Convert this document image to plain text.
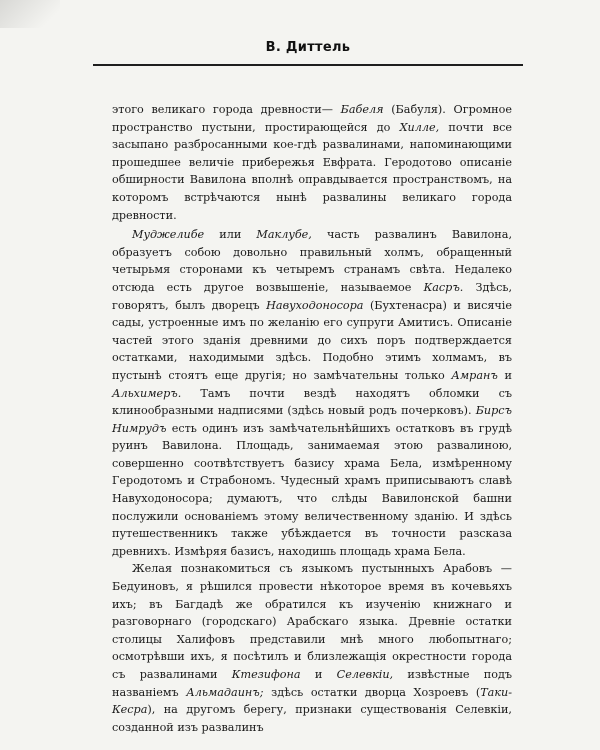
В. Диттель

этого великаго города древности— Бабеля (Бабуля). Огромное пространство пустыни, простирающейся до Хилле, почти все засыпано разбросанными кое-гдѣ развалинами, напоминающими прошедшее величіе прибережья Евфрата. Геродотово описаніе обширности Вавилона вполнѣ оправдывается пространствомъ, на которомъ встрѣчаются нынѣ развалины великаго города древности.

Муджелибе или Маклубе, часть развалинъ Вавилона, образуетъ собою довольно правильный холмъ, обращенный четырьмя сторонами къ четыремъ странамъ свѣта. Недалеко отсюда есть другое возвышеніе, называемое Касръ. Здѣсь, говорятъ, былъ дворецъ Навуходоносора (Бухтенасра) и висячіе сады, устроенные имъ по желанію его супруги Амитисъ. Описаніе частей этого зданія древними до сихъ поръ подтверждается остатками, находимыми здѣсь. Подобно этимъ холмамъ, въ пустынѣ стоятъ еще другія; но замѣчательны только Амранъ и Альхимеръ. Тамъ почти вездѣ находятъ обломки съ клинообразными надписями (здѣсь новый родъ почерковъ). Бирсъ Нимрудъ есть одинъ изъ замѣчательнѣйшихъ остатковъ въ грудѣ руинъ Вавилона. Площадь, занимаемая этою развалиною, совершенно соотвѣтствуетъ базису храма Бела, измѣренному Геродотомъ и Страбономъ. Чудесный храмъ приписываютъ славѣ Навуходоносора; думаютъ, что слѣды Вавилонской башни послужили основаніемъ этому величественному зданію. И здѣсь путешественникъ также убѣждается въ точности разсказа древнихъ. Измѣряя базисъ, находишь площадь храма Бела.

Желая познакомиться съ языкомъ пустынныхъ Арабовъ — Бедуиновъ, я рѣшился провести нѣкоторое время въ кочевьяхъ ихъ; въ Багдадѣ же обратился къ изученію книжнаго и разговорнаго (городскаго) Арабскаго языка. Древніе остатки столицы Халифовъ представили мнѣ много любопытнаго; осмотрѣвши ихъ, я посѣтилъ и близлежащія окрестности города съ развалинами Ктезифона и Селевкіи, извѣстные подъ названіемъ Альмадаинъ; здѣсь остатки дворца Хозроевъ (Таки-Кесра), на другомъ берегу, признаки существованія Селевкіи, созданной изъ развалинъ
